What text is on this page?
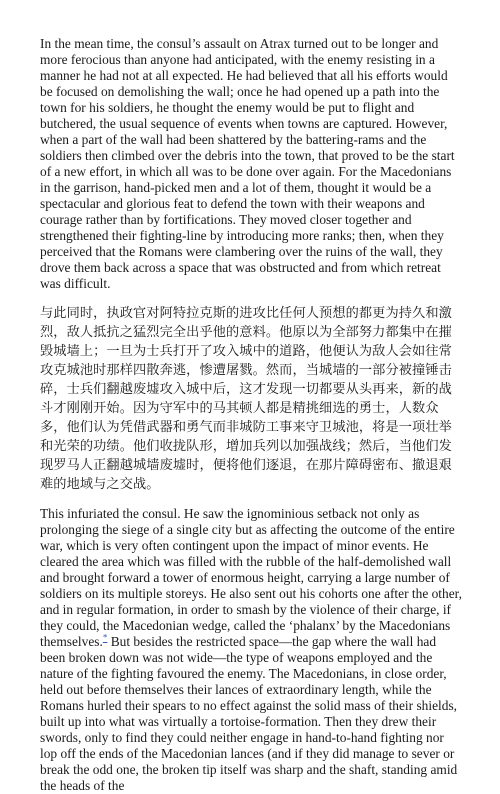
In the mean time, the consul’s assault on Atrax turned out to be longer and more ferocious than anyone had anticipated, with the enemy resisting in a manner he had not at all expected. He had believed that all his efforts would be focused on demolishing the wall; once he had opened up a path into the town for his soldiers, he thought the enemy would be put to flight and butchered, the usual sequence of events when towns are captured. However, when a part of the wall had been shattered by the battering-rams and the soldiers then climbed over the debris into the town, that proved to be the start of a new effort, in which all was to be done over again. For the Macedonians in the garrison, hand-picked men and a lot of them, thought it would be a spectacular and glorious feat to defend the town with their weapons and courage rather than by fortifications. They moved closer together and strengthened their fighting-line by introducing more ranks; then, when they perceived that the Romans were clambering over the ruins of the wall, they drove them back across a space that was obstructed and from which retreat was difficult.

与此同时，执政官对阿特拉克斯的进攻比任何人预想的都更为持久和激烈，敌人抵抗之猛烈完全出乎他的意料。他原以为全部努力都集中在摧毁城墙上；一旦为士兵打开了攻入城中的道路，他便认为敌人会如往常攻克城池时那样四散奔逃，惨遭屠戮。然而，当城墙的一部分被撞锤击碎，士兵们翻越废墟攻入城中后，这才发现一切都要从头再来，新的战斗才刚刚开始。因为守军中的马其顿人都是精挑细选的勇士，人数众多，他们认为凭借武器和勇气而非城防工事来守卫城池，将是一项壮举和光荣的功绩。他们收拢队形，增加兵列以加强战线；然后，当他们发现罗马人正翻越城墙废墟时，便将他们逐退，在那片障碍密布、撤退艰难的地域与之交战。

This infuriated the consul. He saw the ignominious setback not only as prolonging the siege of a single city but as affecting the outcome of the entire war, which is very often contingent upon the impact of minor events. He cleared the area which was filled with the rubble of the half-demolished wall and brought forward a tower of enormous height, carrying a large number of soldiers on its multiple storeys. He also sent out his cohorts one after the other, and in regular formation, in order to smash by the violence of their charge, if they could, the Macedonian wedge, called the ‘phalanx’ by the Macedonians themselves.* But besides the restricted space—the gap where the wall had been broken down was not wide—the type of weapons employed and the nature of the fighting favoured the enemy. The Macedonians, in close order, held out before themselves their lances of extraordinary length, while the Romans hurled their spears to no effect against the solid mass of their shields, built up into what was virtually a tortoise-formation. Then they drew their swords, only to find they could neither engage in hand-to-hand fighting nor lop off the ends of the Macedonian lances (and if they did manage to sever or break the odd one, the broken tip itself was sharp and the shaft, standing amid the heads of the
